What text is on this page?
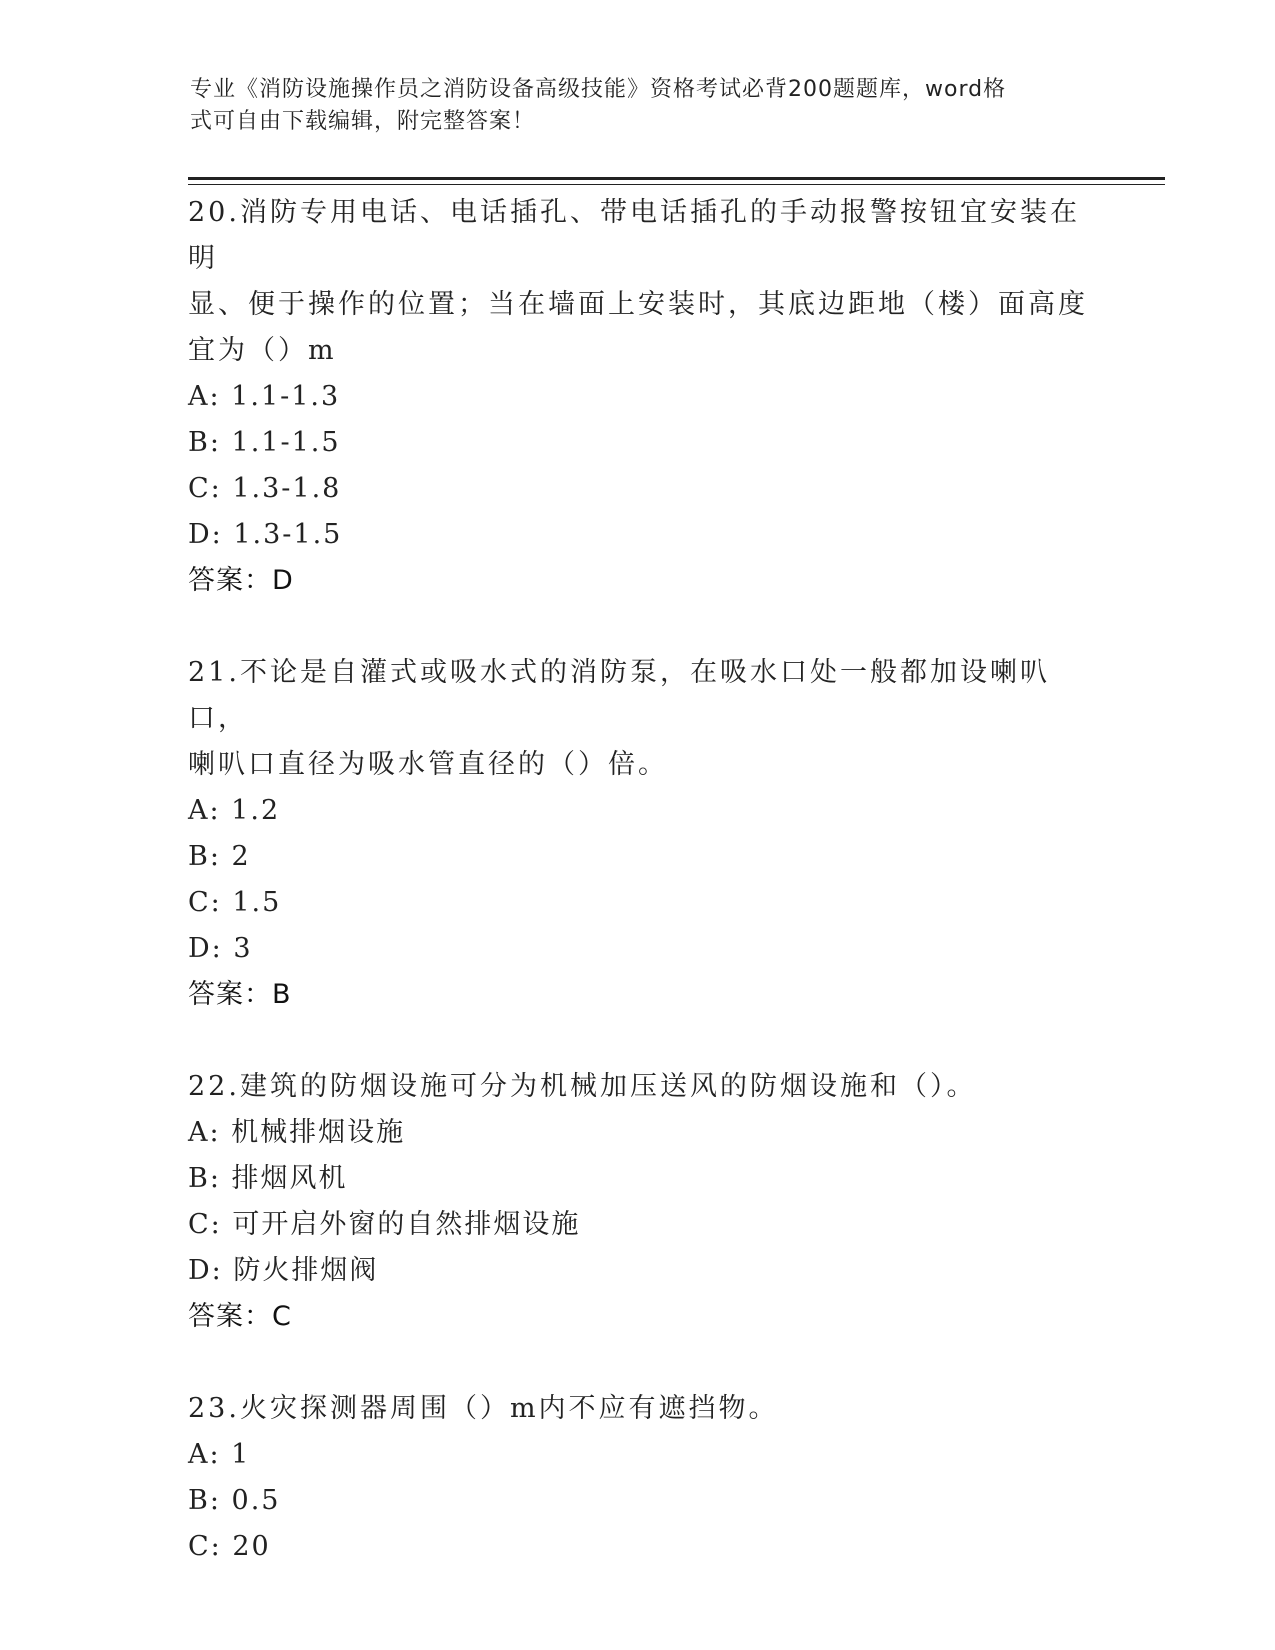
专业《消防设施操作员之消防设备高级技能》资格考试必背200题题库，word格
式可自由下载编辑，附完整答案！
20.消防专用电话、电话插孔、带电话插孔的手动报警按钮宜安装在明
显、便于操作的位置；当在墙面上安装时，其底边距地（楼）面高度
宜为（）m
A: 1.1-1.3
B: 1.1-1.5
C: 1.3-1.8
D: 1.3-1.5
答案：D
21.不论是自灌式或吸水式的消防泵，在吸水口处一般都加设喇叭口，
喇叭口直径为吸水管直径的（）倍。
A: 1.2
B: 2
C: 1.5
D: 3
答案：B
22.建筑的防烟设施可分为机械加压送风的防烟设施和（）。
A: 机械排烟设施
B: 排烟风机
C: 可开启外窗的自然排烟设施
D: 防火排烟阀
答案：C
23.火灾探测器周围（）m内不应有遮挡物。
A: 1
B: 0.5
C: 20
